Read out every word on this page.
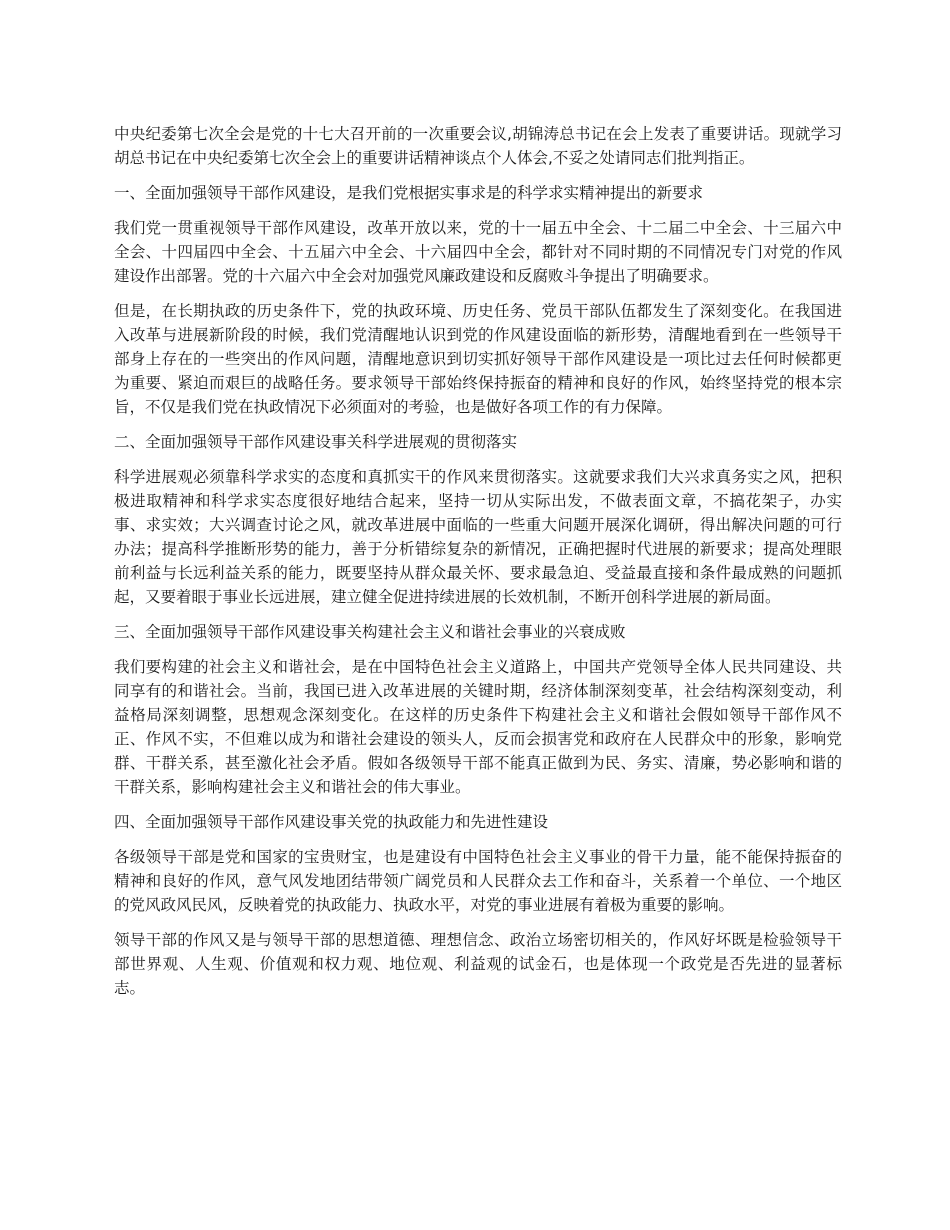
中央纪委第七次全会是党的十七大召开前的一次重要会议,胡锦涛总书记在会上发表了重要讲话。现就学习胡总书记在中央纪委第七次全会上的重要讲话精神谈点个人体会,不妥之处请同志们批判指正。

一、全面加强领导干部作风建设，是我们党根据实事求是的科学求实精神提出的新要求

我们党一贯重视领导干部作风建设，改革开放以来，党的十一届五中全会、十二届二中全会、十三届六中全会、十四届四中全会、十五届六中全会、十六届四中全会，都针对不同时期的不同情况专门对党的作风建设作出部署。党的十六届六中全会对加强党风廉政建设和反腐败斗争提出了明确要求。

但是，在长期执政的历史条件下，党的执政环境、历史任务、党员干部队伍都发生了深刻变化。在我国进入改革与进展新阶段的时候，我们党清醒地认识到党的作风建设面临的新形势，清醒地看到在一些领导干部身上存在的一些突出的作风问题，清醒地意识到切实抓好领导干部作风建设是一项比过去任何时候都更为重要、紧迫而艰巨的战略任务。要求领导干部始终保持振奋的精神和良好的作风，始终坚持党的根本宗旨，不仅是我们党在执政情况下必须面对的考验，也是做好各项工作的有力保障。

二、全面加强领导干部作风建设事关科学进展观的贯彻落实

科学进展观必须靠科学求实的态度和真抓实干的作风来贯彻落实。这就要求我们大兴求真务实之风，把积极进取精神和科学求实态度很好地结合起来，坚持一切从实际出发，不做表面文章，不搞花架子，办实事、求实效；大兴调查讨论之风，就改革进展中面临的一些重大问题开展深化调研，得出解决问题的可行办法；提高科学推断形势的能力，善于分析错综复杂的新情况，正确把握时代进展的新要求；提高处理眼前利益与长远利益关系的能力，既要坚持从群众最关怀、要求最急迫、受益最直接和条件最成熟的问题抓起，又要着眼于事业长远进展，建立健全促进持续进展的长效机制，不断开创科学进展的新局面。

三、全面加强领导干部作风建设事关构建社会主义和谐社会事业的兴衰成败

我们要构建的社会主义和谐社会，是在中国特色社会主义道路上，中国共产党领导全体人民共同建设、共同享有的和谐社会。当前，我国已进入改革进展的关键时期，经济体制深刻变革，社会结构深刻变动，利益格局深刻调整，思想观念深刻变化。在这样的历史条件下构建社会主义和谐社会假如领导干部作风不正、作风不实，不但难以成为和谐社会建设的领头人，反而会损害党和政府在人民群众中的形象，影响党群、干群关系，甚至激化社会矛盾。假如各级领导干部不能真正做到为民、务实、清廉，势必影响和谐的干群关系，影响构建社会主义和谐社会的伟大事业。

四、全面加强领导干部作风建设事关党的执政能力和先进性建设

各级领导干部是党和国家的宝贵财宝，也是建设有中国特色社会主义事业的骨干力量，能不能保持振奋的精神和良好的作风，意气风发地团结带领广阔党员和人民群众去工作和奋斗，关系着一个单位、一个地区的党风政风民风，反映着党的执政能力、执政水平，对党的事业进展有着极为重要的影响。

领导干部的作风又是与领导干部的思想道德、理想信念、政治立场密切相关的，作风好坏既是检验领导干部世界观、人生观、价值观和权力观、地位观、利益观的试金石，也是体现一个政党是否先进的显著标志。
